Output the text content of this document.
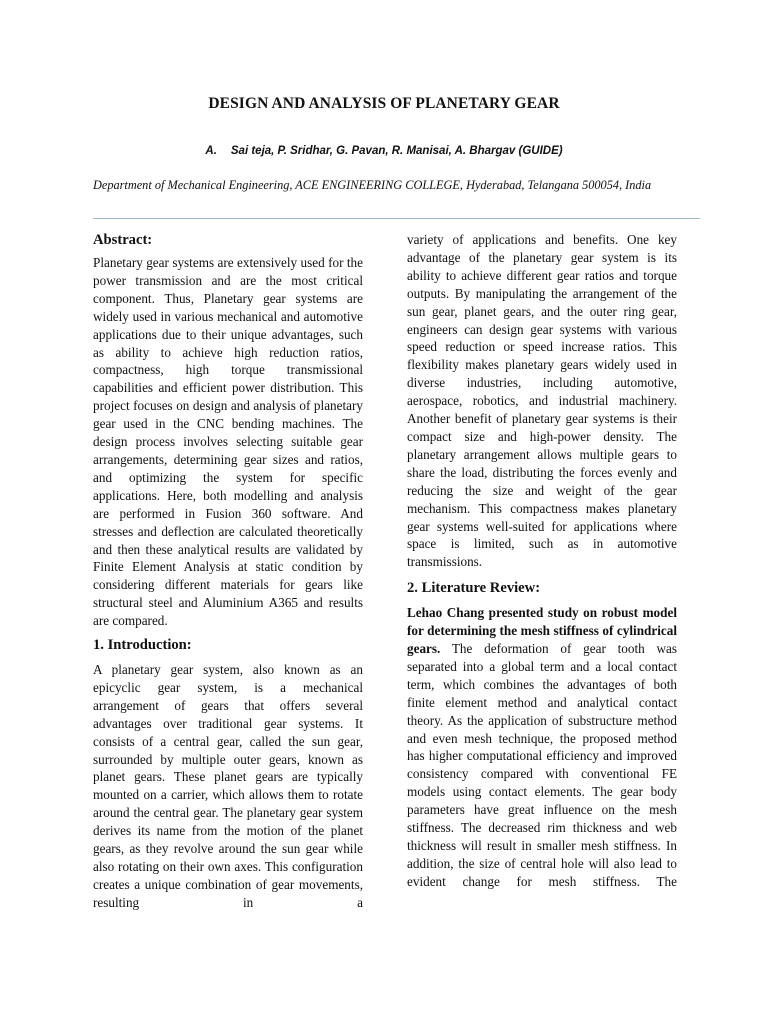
DESIGN AND ANALYSIS OF PLANETARY GEAR
A. Sai teja, P. Sridhar, G. Pavan, R. Manisai, A. Bhargav (GUIDE)
Department of Mechanical Engineering, ACE ENGINEERING COLLEGE, Hyderabad, Telangana 500054, India
Abstract:

Planetary gear systems are extensively used for the power transmission and are the most critical component. Thus, Planetary gear systems are widely used in various mechanical and automotive applications due to their unique advantages, such as ability to achieve high reduction ratios, compactness, high torque transmissional capabilities and efficient power distribution. This project focuses on design and analysis of planetary gear used in the CNC bending machines. The design process involves selecting suitable gear arrangements, determining gear sizes and ratios, and optimizing the system for specific applications. Here, both modelling and analysis are performed in Fusion 360 software. And stresses and deflection are calculated theoretically and then these analytical results are validated by Finite Element Analysis at static condition by considering different materials for gears like structural steel and Aluminium A365 and results are compared.

1. Introduction:

A planetary gear system, also known as an epicyclic gear system, is a mechanical arrangement of gears that offers several advantages over traditional gear systems. It consists of a central gear, called the sun gear, surrounded by multiple outer gears, known as planet gears. These planet gears are typically mounted on a carrier, which allows them to rotate around the central gear. The planetary gear system derives its name from the motion of the planet gears, as they revolve around the sun gear while also rotating on their own axes. This configuration creates a unique combination of gear movements, resulting in a

variety of applications and benefits. One key advantage of the planetary gear system is its ability to achieve different gear ratios and torque outputs. By manipulating the arrangement of the sun gear, planet gears, and the outer ring gear, engineers can design gear systems with various speed reduction or speed increase ratios. This flexibility makes planetary gears widely used in diverse industries, including automotive, aerospace, robotics, and industrial machinery. Another benefit of planetary gear systems is their compact size and high-power density. The planetary arrangement allows multiple gears to share the load, distributing the forces evenly and reducing the size and weight of the gear mechanism. This compactness makes planetary gear systems well-suited for applications where space is limited, such as in automotive transmissions.

2. Literature Review:

Lehao Chang presented study on robust model for determining the mesh stiffness of cylindrical gears. The deformation of gear tooth was separated into a global term and a local contact term, which combines the advantages of both finite element method and analytical contact theory. As the application of substructure method and even mesh technique, the proposed method has higher computational efficiency and improved consistency compared with conventional FE models using contact elements. The gear body parameters have great influence on the mesh stiffness. The decreased rim thickness and web thickness will result in smaller mesh stiffness. In addition, the size of central hole will also lead to evident change for mesh stiffness. The
